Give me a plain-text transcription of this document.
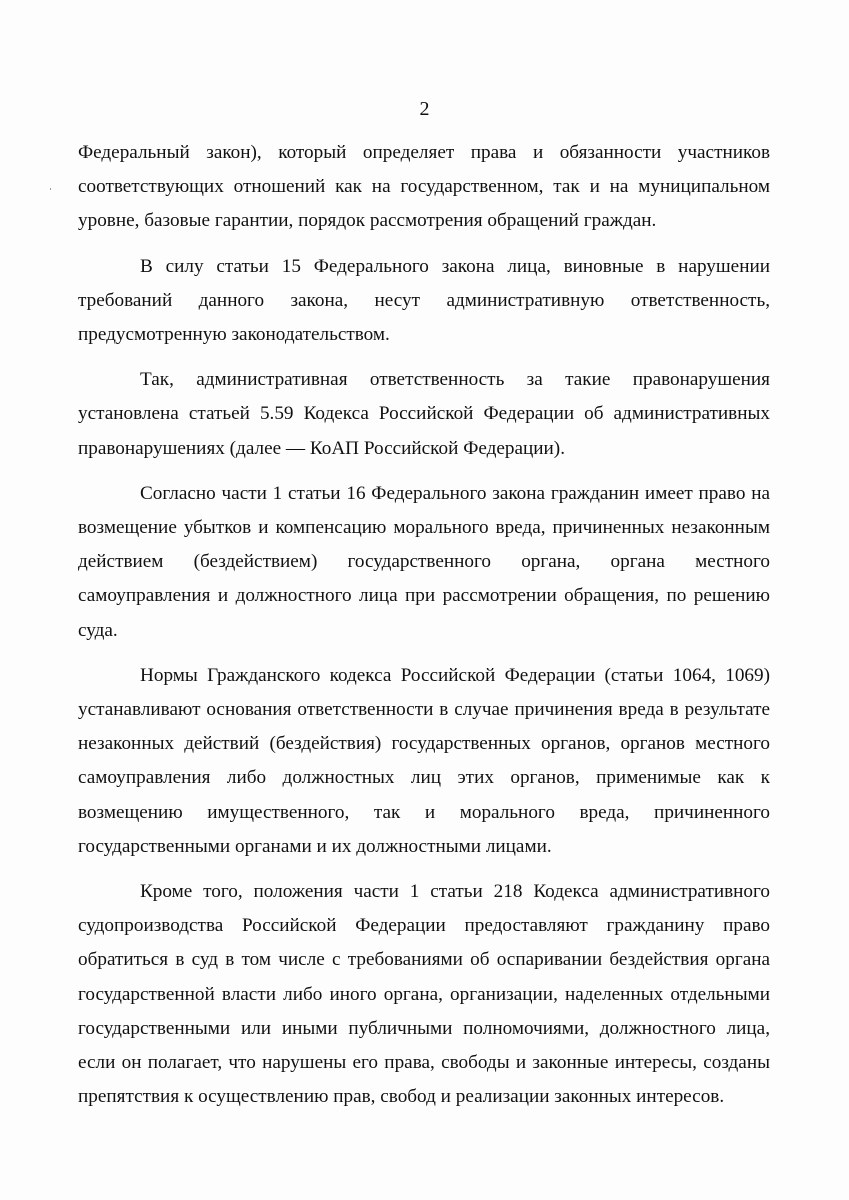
2

Федеральный закон), который определяет права и обязанности участников соответствующих отношений как на государственном, так и на муниципальном уровне, базовые гарантии, порядок рассмотрения обращений граждан.

В силу статьи 15 Федерального закона лица, виновные в нарушении требований данного закона, несут административную ответственность, предусмотренную законодательством.

Так, административная ответственность за такие правонарушения установлена статьей 5.59 Кодекса Российской Федерации об административных правонарушениях (далее — КоАП Российской Федерации).

Согласно части 1 статьи 16 Федерального закона гражданин имеет право на возмещение убытков и компенсацию морального вреда, причиненных незаконным действием (бездействием) государственного органа, органа местного самоуправления и должностного лица при рассмотрении обращения, по решению суда.

Нормы Гражданского кодекса Российской Федерации (статьи 1064, 1069) устанавливают основания ответственности в случае причинения вреда в результате незаконных действий (бездействия) государственных органов, органов местного самоуправления либо должностных лиц этих органов, применимые как к возмещению имущественного, так и морального вреда, причиненного государственными органами и их должностными лицами.

Кроме того, положения части 1 статьи 218 Кодекса административного судопроизводства Российской Федерации предоставляют гражданину право обратиться в суд в том числе с требованиями об оспаривании бездействия органа государственной власти либо иного органа, организации, наделенных отдельными государственными или иными публичными полномочиями, должностного лица, если он полагает, что нарушены его права, свободы и законные интересы, созданы препятствия к осуществлению прав, свобод и реализации законных интересов.
